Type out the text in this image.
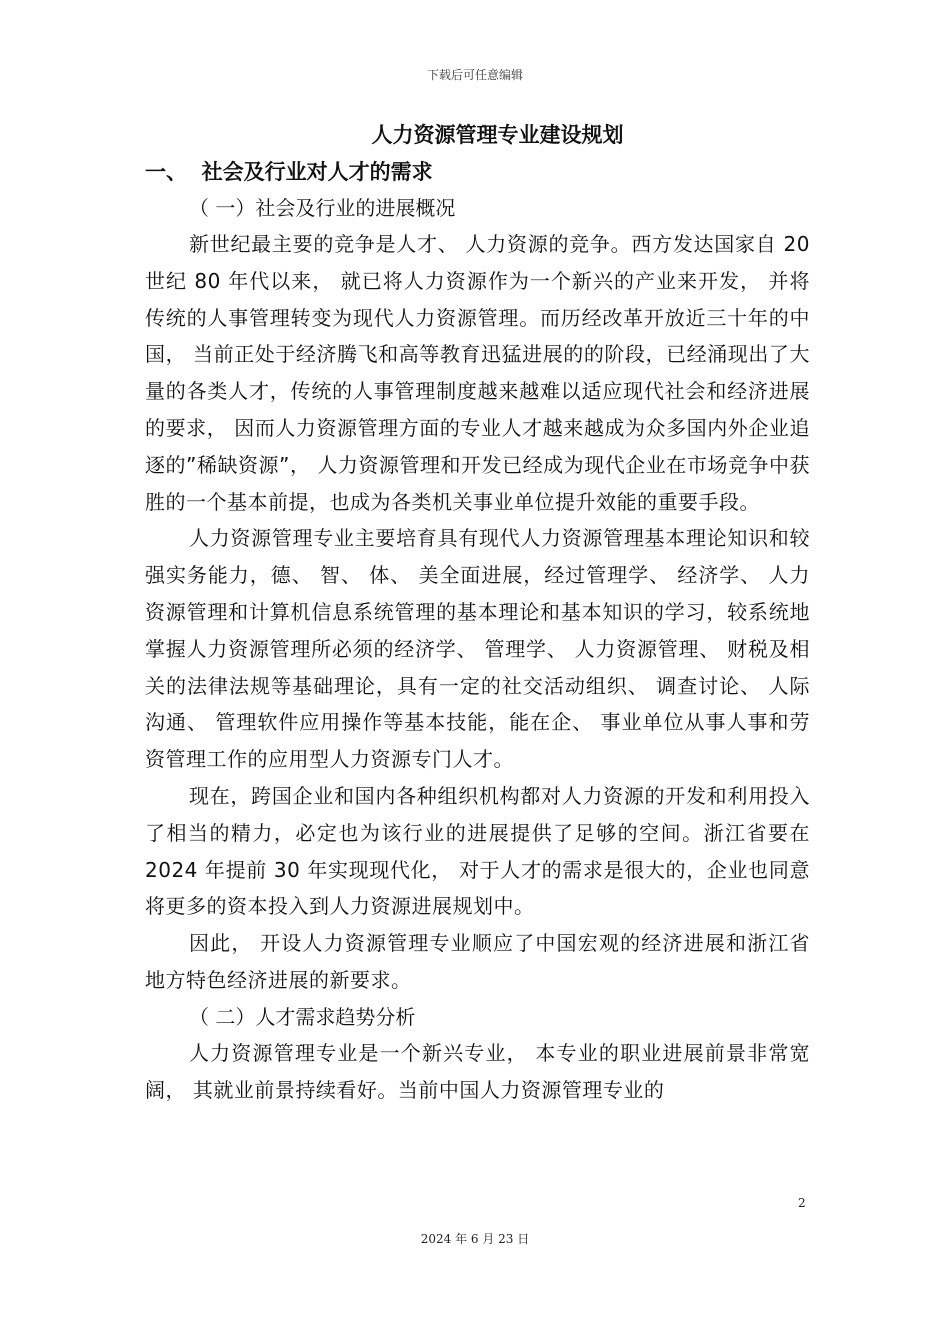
下载后可任意编辑

人力资源管理专业建设规划

一、  社会及行业对人才的需求

（ 一）社会及行业的进展概况

新世纪最主要的竞争是人才、 人力资源的竞争。西方发达国家自 20 世纪 80 年代以来， 就已将人力资源作为一个新兴的产业来开发， 并将传统的人事管理转变为现代人力资源管理。而历经改革开放近三十年的中国， 当前正处于经济腾飞和高等教育迅猛进展的的阶段，已经涌现出了大量的各类人才，传统的人事管理制度越来越难以适应现代社会和经济进展的要求， 因而人力资源管理方面的专业人才越来越成为众多国内外企业追逐的”稀缺资源”， 人力资源管理和开发已经成为现代企业在市场竞争中获胜的一个基本前提，也成为各类机关事业单位提升效能的重要手段。

人力资源管理专业主要培育具有现代人力资源管理基本理论知识和较强实务能力，德、 智、 体、 美全面进展，经过管理学、 经济学、 人力资源管理和计算机信息系统管理的基本理论和基本知识的学习，较系统地掌握人力资源管理所必须的经济学、 管理学、 人力资源管理、 财税及相关的法律法规等基础理论，具有一定的社交活动组织、 调查讨论、 人际沟通、 管理软件应用操作等基本技能，能在企、 事业单位从事人事和劳资管理工作的应用型人力资源专门人才。

现在，跨国企业和国内各种组织机构都对人力资源的开发和利用投入了相当的精力，必定也为该行业的进展提供了足够的空间。浙江省要在 2024 年提前 30 年实现现代化， 对于人才的需求是很大的，企业也同意将更多的资本投入到人力资源进展规划中。

因此， 开设人力资源管理专业顺应了中国宏观的经济进展和浙江省地方特色经济进展的新要求。

（ 二）人才需求趋势分析

人力资源管理专业是一个新兴专业， 本专业的职业进展前景非常宽阔， 其就业前景持续看好。当前中国人力资源管理专业的

2
2024 年 6 月 23 日
